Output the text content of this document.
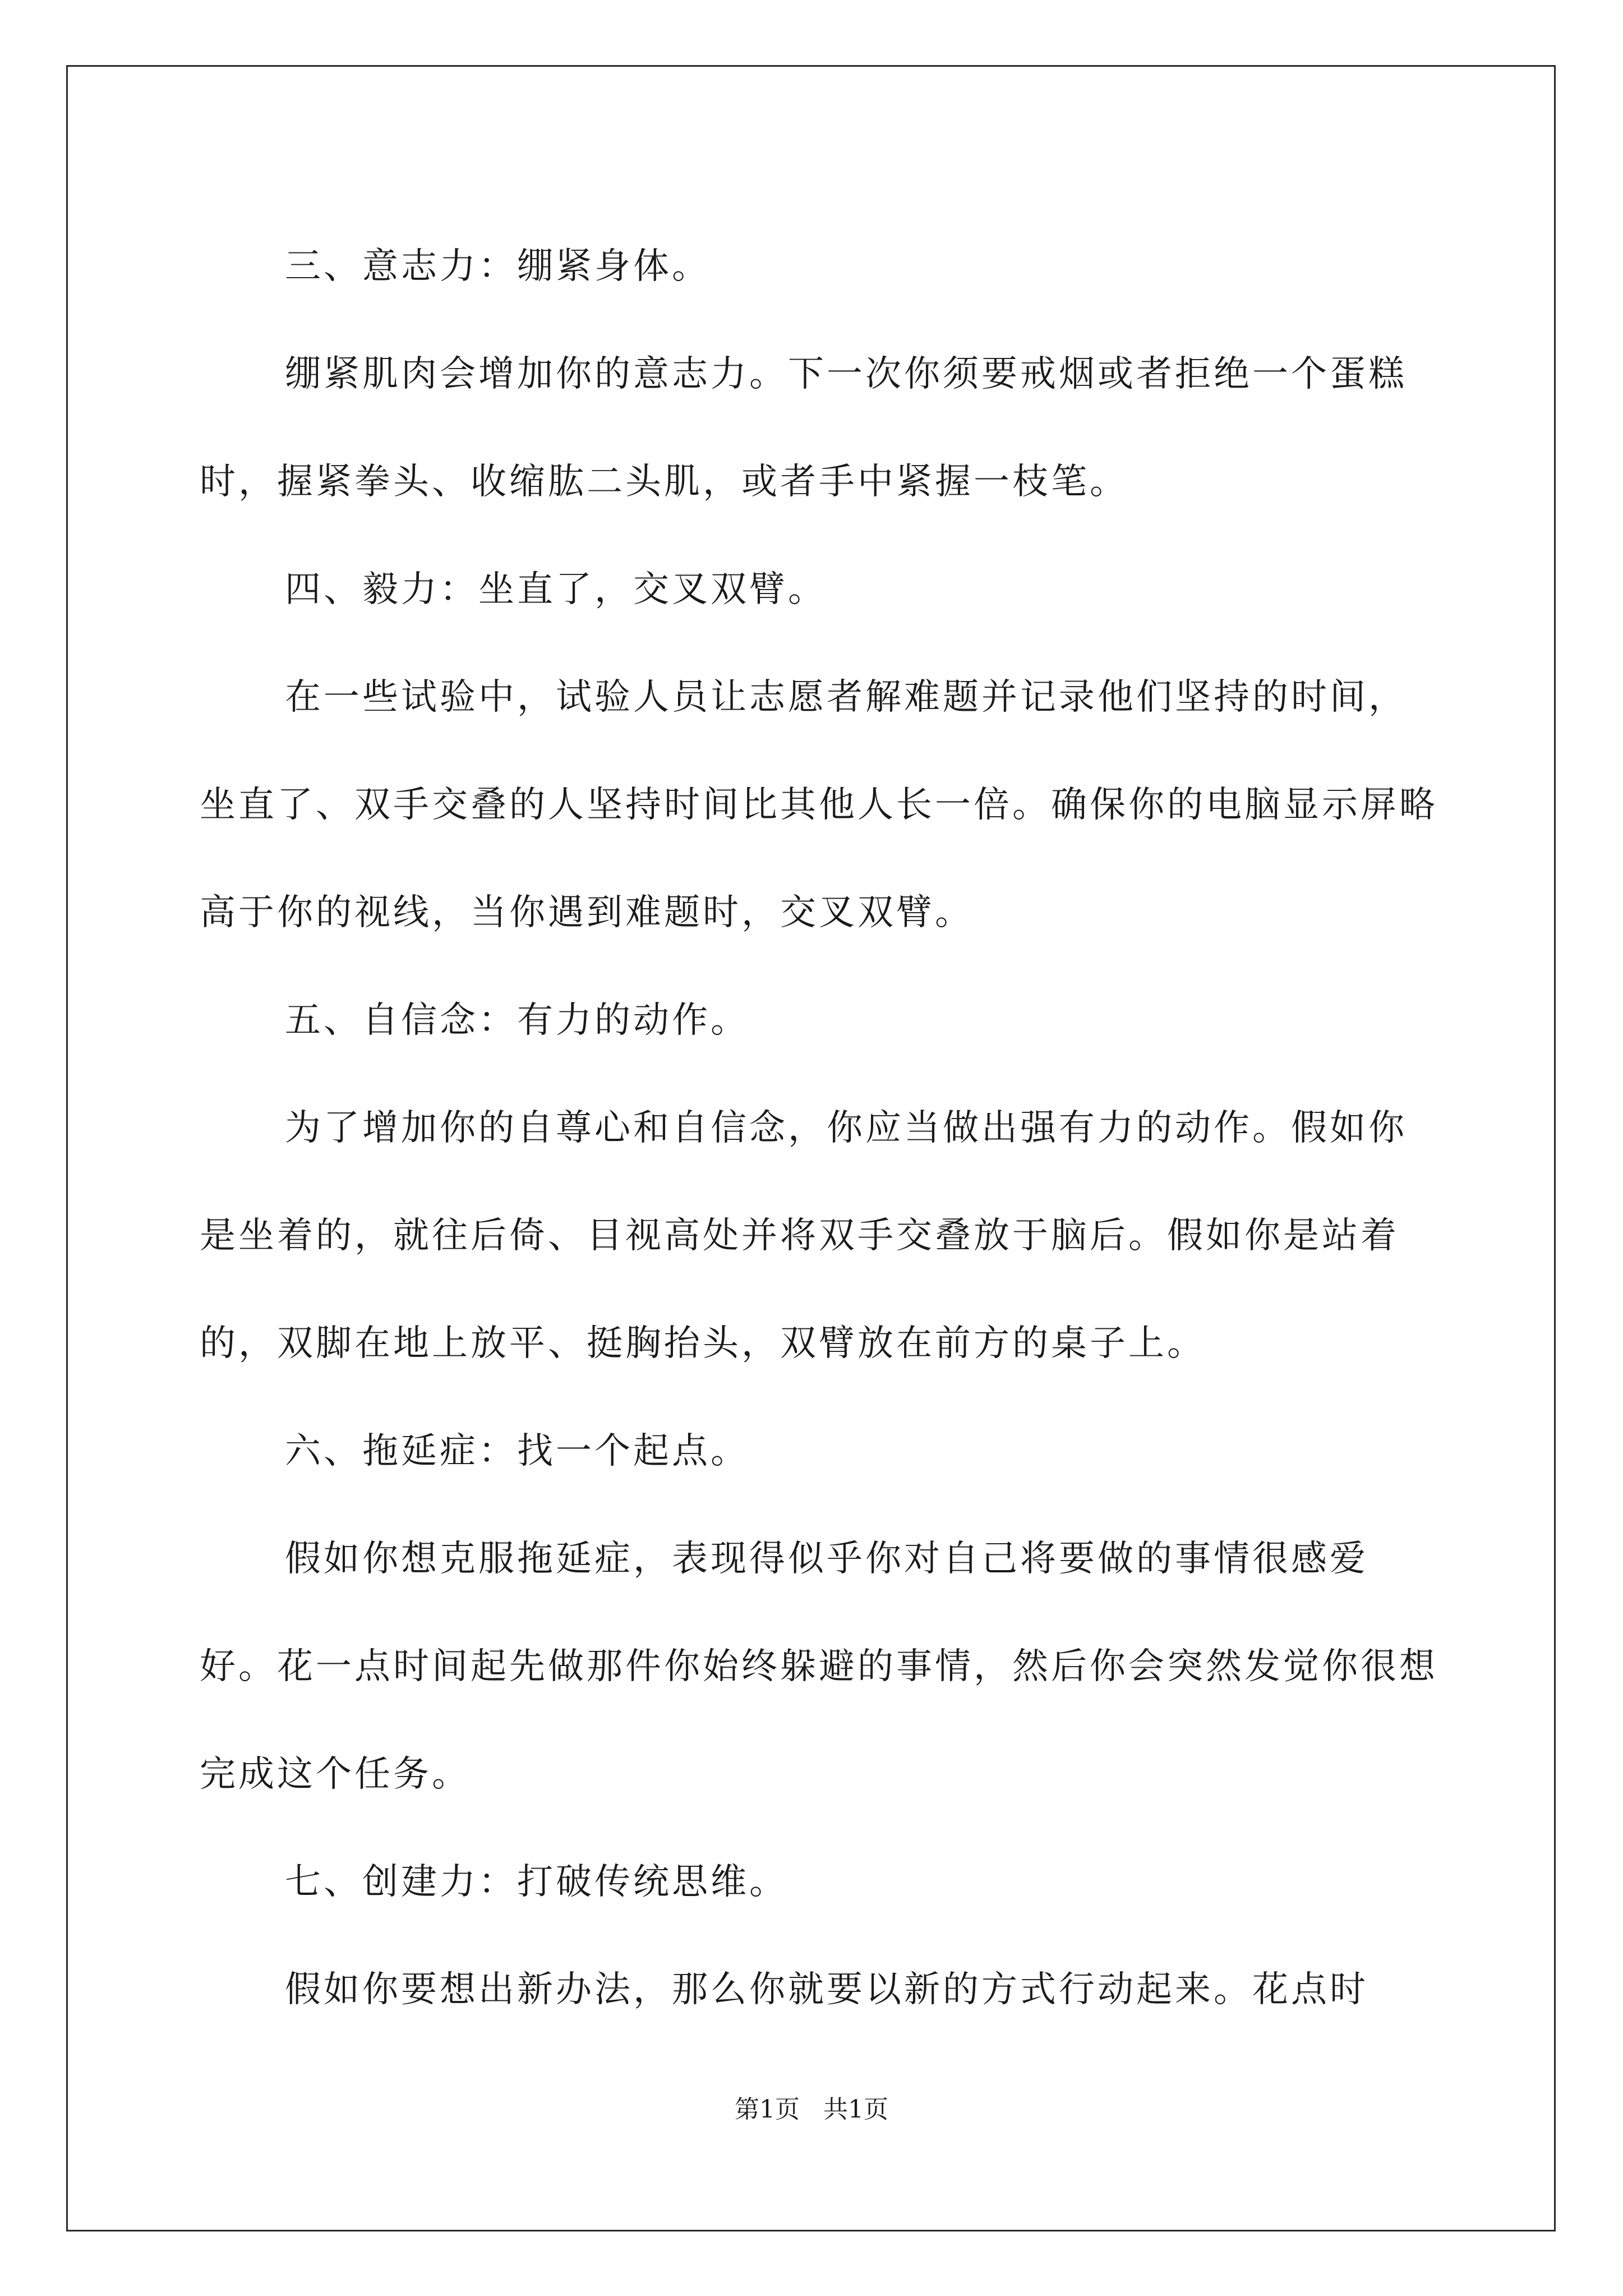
三、意志力：绷紧身体。

绷紧肌肉会增加你的意志力。下一次你须要戒烟或者拒绝一个蛋糕时，握紧拳头、收缩肱二头肌，或者手中紧握一枝笔。

四、毅力：坐直了，交叉双臂。

在一些试验中，试验人员让志愿者解难题并记录他们坚持的时间，坐直了、双手交叠的人坚持时间比其他人长一倍。确保你的电脑显示屏略高于你的视线，当你遇到难题时，交叉双臂。

五、自信念：有力的动作。

为了增加你的自尊心和自信念，你应当做出强有力的动作。假如你是坐着的，就往后倚、目视高处并将双手交叠放于脑后。假如你是站着的，双脚在地上放平、挺胸抬头，双臂放在前方的桌子上。

六、拖延症：找一个起点。

假如你想克服拖延症，表现得似乎你对自己将要做的事情很感爱好。花一点时间起先做那件你始终躲避的事情，然后你会突然发觉你很想完成这个任务。

七、创建力：打破传统思维。

假如你要想出新办法，那么你就要以新的方式行动起来。花点时

第1页   共1页
